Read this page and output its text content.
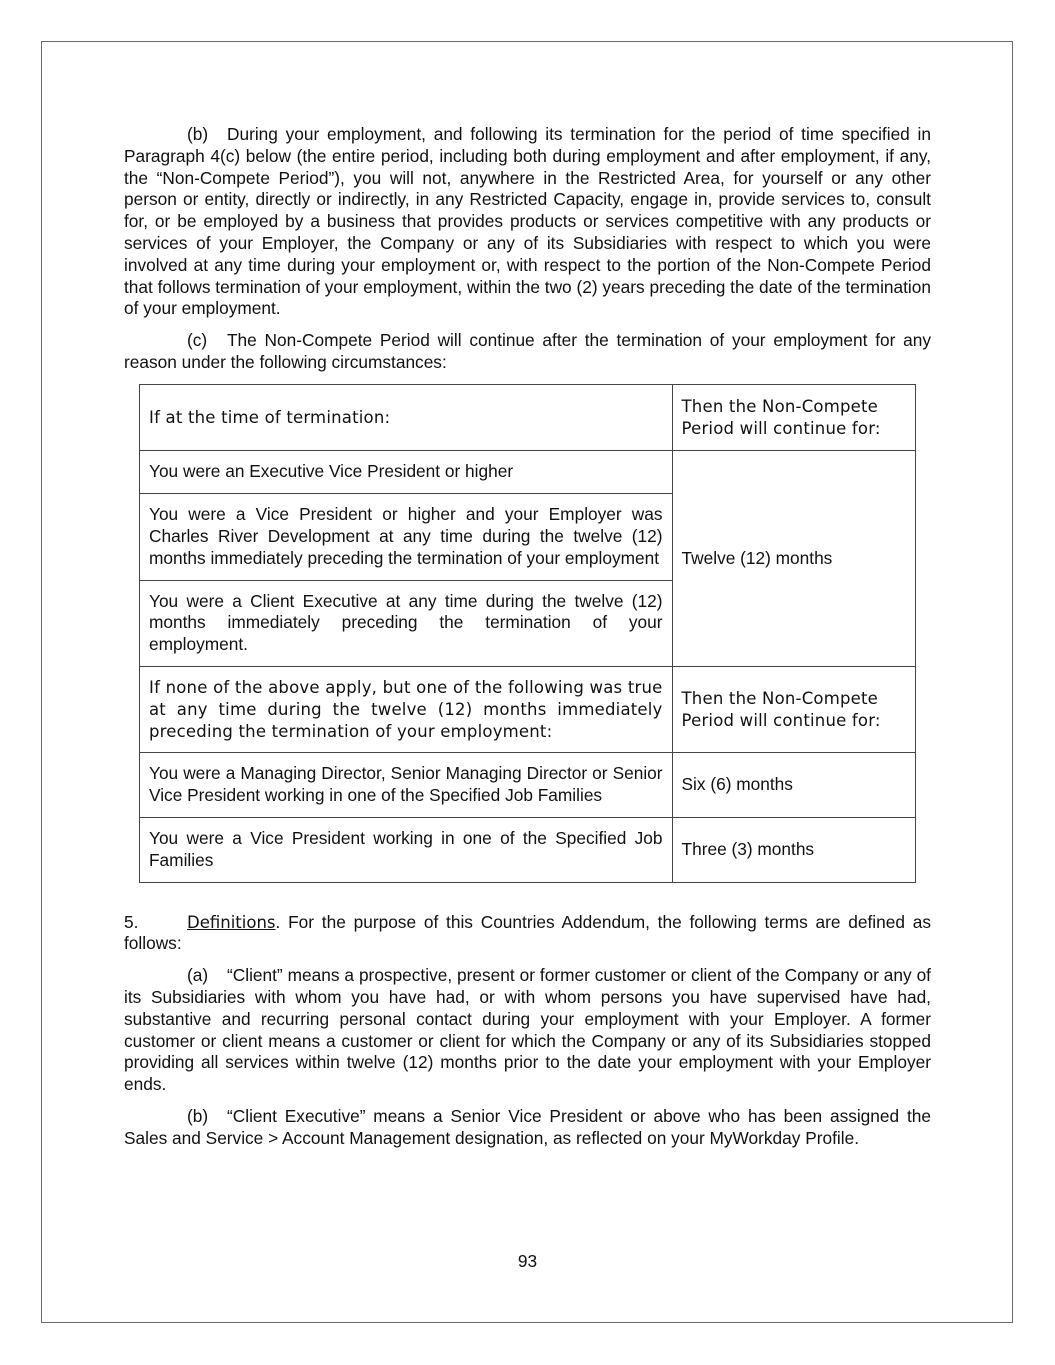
(b) During your employment, and following its termination for the period of time specified in Paragraph 4(c) below (the entire period, including both during employment and after employment, if any, the “Non-Compete Period”), you will not, anywhere in the Restricted Area, for yourself or any other person or entity, directly or indirectly, in any Restricted Capacity, engage in, provide services to, consult for, or be employed by a business that provides products or services competitive with any products or services of your Employer, the Company or any of its Subsidiaries with respect to which you were involved at any time during your employment or, with respect to the portion of the Non-Compete Period that follows termination of your employment, within the two (2) years preceding the date of the termination of your employment.

(c) The Non-Compete Period will continue after the termination of your employment for any reason under the following circumstances:

If at the time of termination:	Then the Non-Compete Period will continue for:
You were an Executive Vice President or higher	Twelve (12) months
You were a Vice President or higher and your Employer was Charles River Development at any time during the twelve (12) months immediately preceding the termination of your employment	
You were a Client Executive at any time during the twelve (12) months immediately preceding the termination of your employment.	
If none of the above apply, but one of the following was true at any time during the twelve (12) months immediately preceding the termination of your employment:	Then the Non-Compete Period will continue for:
You were a Managing Director, Senior Managing Director or Senior Vice President working in one of the Specified Job Families	Six (6) months
You were a Vice President working in one of the Specified Job Families	Three (3) months

5.	Definitions. For the purpose of this Countries Addendum, the following terms are defined as follows:

(a) “Client” means a prospective, present or former customer or client of the Company or any of its Subsidiaries with whom you have had, or with whom persons you have supervised have had, substantive and recurring personal contact during your employment with your Employer. A former customer or client means a customer or client for which the Company or any of its Subsidiaries stopped providing all services within twelve (12) months prior to the date your employment with your Employer ends.

(b) “Client Executive” means a Senior Vice President or above who has been assigned the Sales and Service > Account Management designation, as reflected on your MyWorkday Profile.

93
